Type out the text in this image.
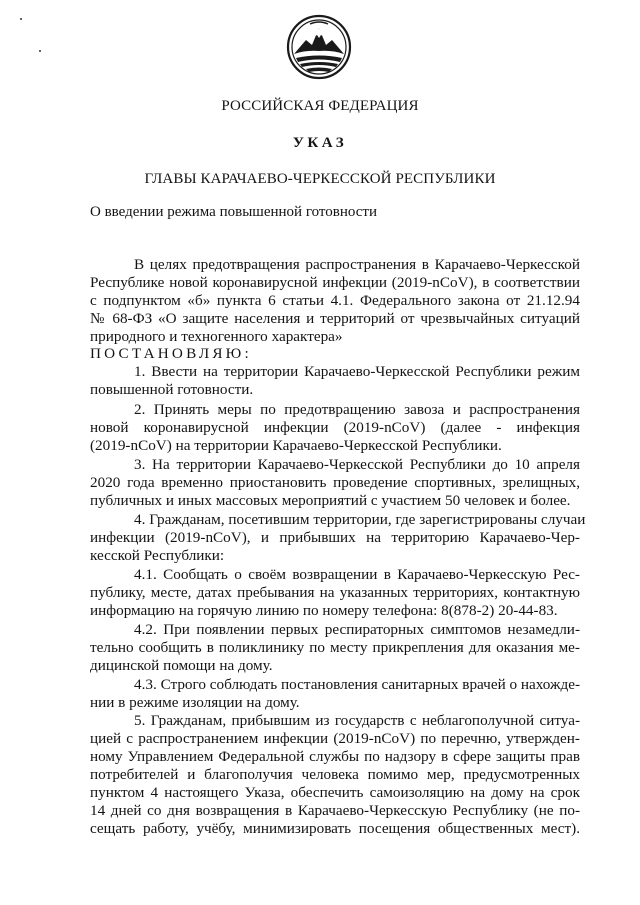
РОССИЙСКАЯ ФЕДЕРАЦИЯ
УКАЗ
ГЛАВЫ КАРАЧАЕВО-ЧЕРКЕССКОЙ РЕСПУБЛИКИ
О введении режима повышенной готовности
В целях предотвращения распространения в Карачаево-Черкесской
Республике новой коронавирусной инфекции (2019-nCoV), в соответствии
с подпунктом «б» пункта 6 статьи 4.1. Федерального закона от 21.12.94
№ 68-ФЗ «О защите населения и территорий от чрезвычайных ситуаций
природного и техногенного характера»
ПОСТАНОВЛЯЮ:
1. Ввести на территории Карачаево-Черкесской Республики режим
повышенной готовности.
2. Принять меры по предотвращению завоза и распространения
новой коронавирусной инфекции (2019-nCoV) (далее - инфекция
(2019-nCoV) на территории Карачаево-Черкесской Республики.
3. На территории Карачаево-Черкесской Республики до 10 апреля
2020 года временно приостановить проведение спортивных, зрелищных,
публичных и иных массовых мероприятий с участием 50 человек и более.
4. Гражданам, посетившим территории, где зарегистрированы случаи
инфекции (2019-nCoV), и прибывших на территорию Карачаево-Чер-
кесской Республики:
4.1. Сообщать о своём возвращении в Карачаево-Черкесскую Рес-
публику, месте, датах пребывания на указанных территориях, контактную
информацию на горячую линию по номеру телефона: 8(878-2) 20-44-83.
4.2. При появлении первых респираторных симптомов незамедли-
тельно сообщить в поликлинику по месту прикрепления для оказания ме-
дицинской помощи на дому.
4.3. Строго соблюдать постановления санитарных врачей о нахожде-
нии в режиме изоляции на дому.
5. Гражданам, прибывшим из государств с неблагополучной ситуа-
цией с распространением инфекции (2019-nCoV) по перечню, утвержден-
ному Управлением Федеральной службы по надзору в сфере защиты прав
потребителей и благополучия человека помимо мер, предусмотренных
пунктом 4 настоящего Указа, обеспечить самоизоляцию на дому на срок
14 дней со дня возвращения в Карачаево-Черкесскую Республику (не по-
сещать работу, учёбу, минимизировать посещения общественных мест).
